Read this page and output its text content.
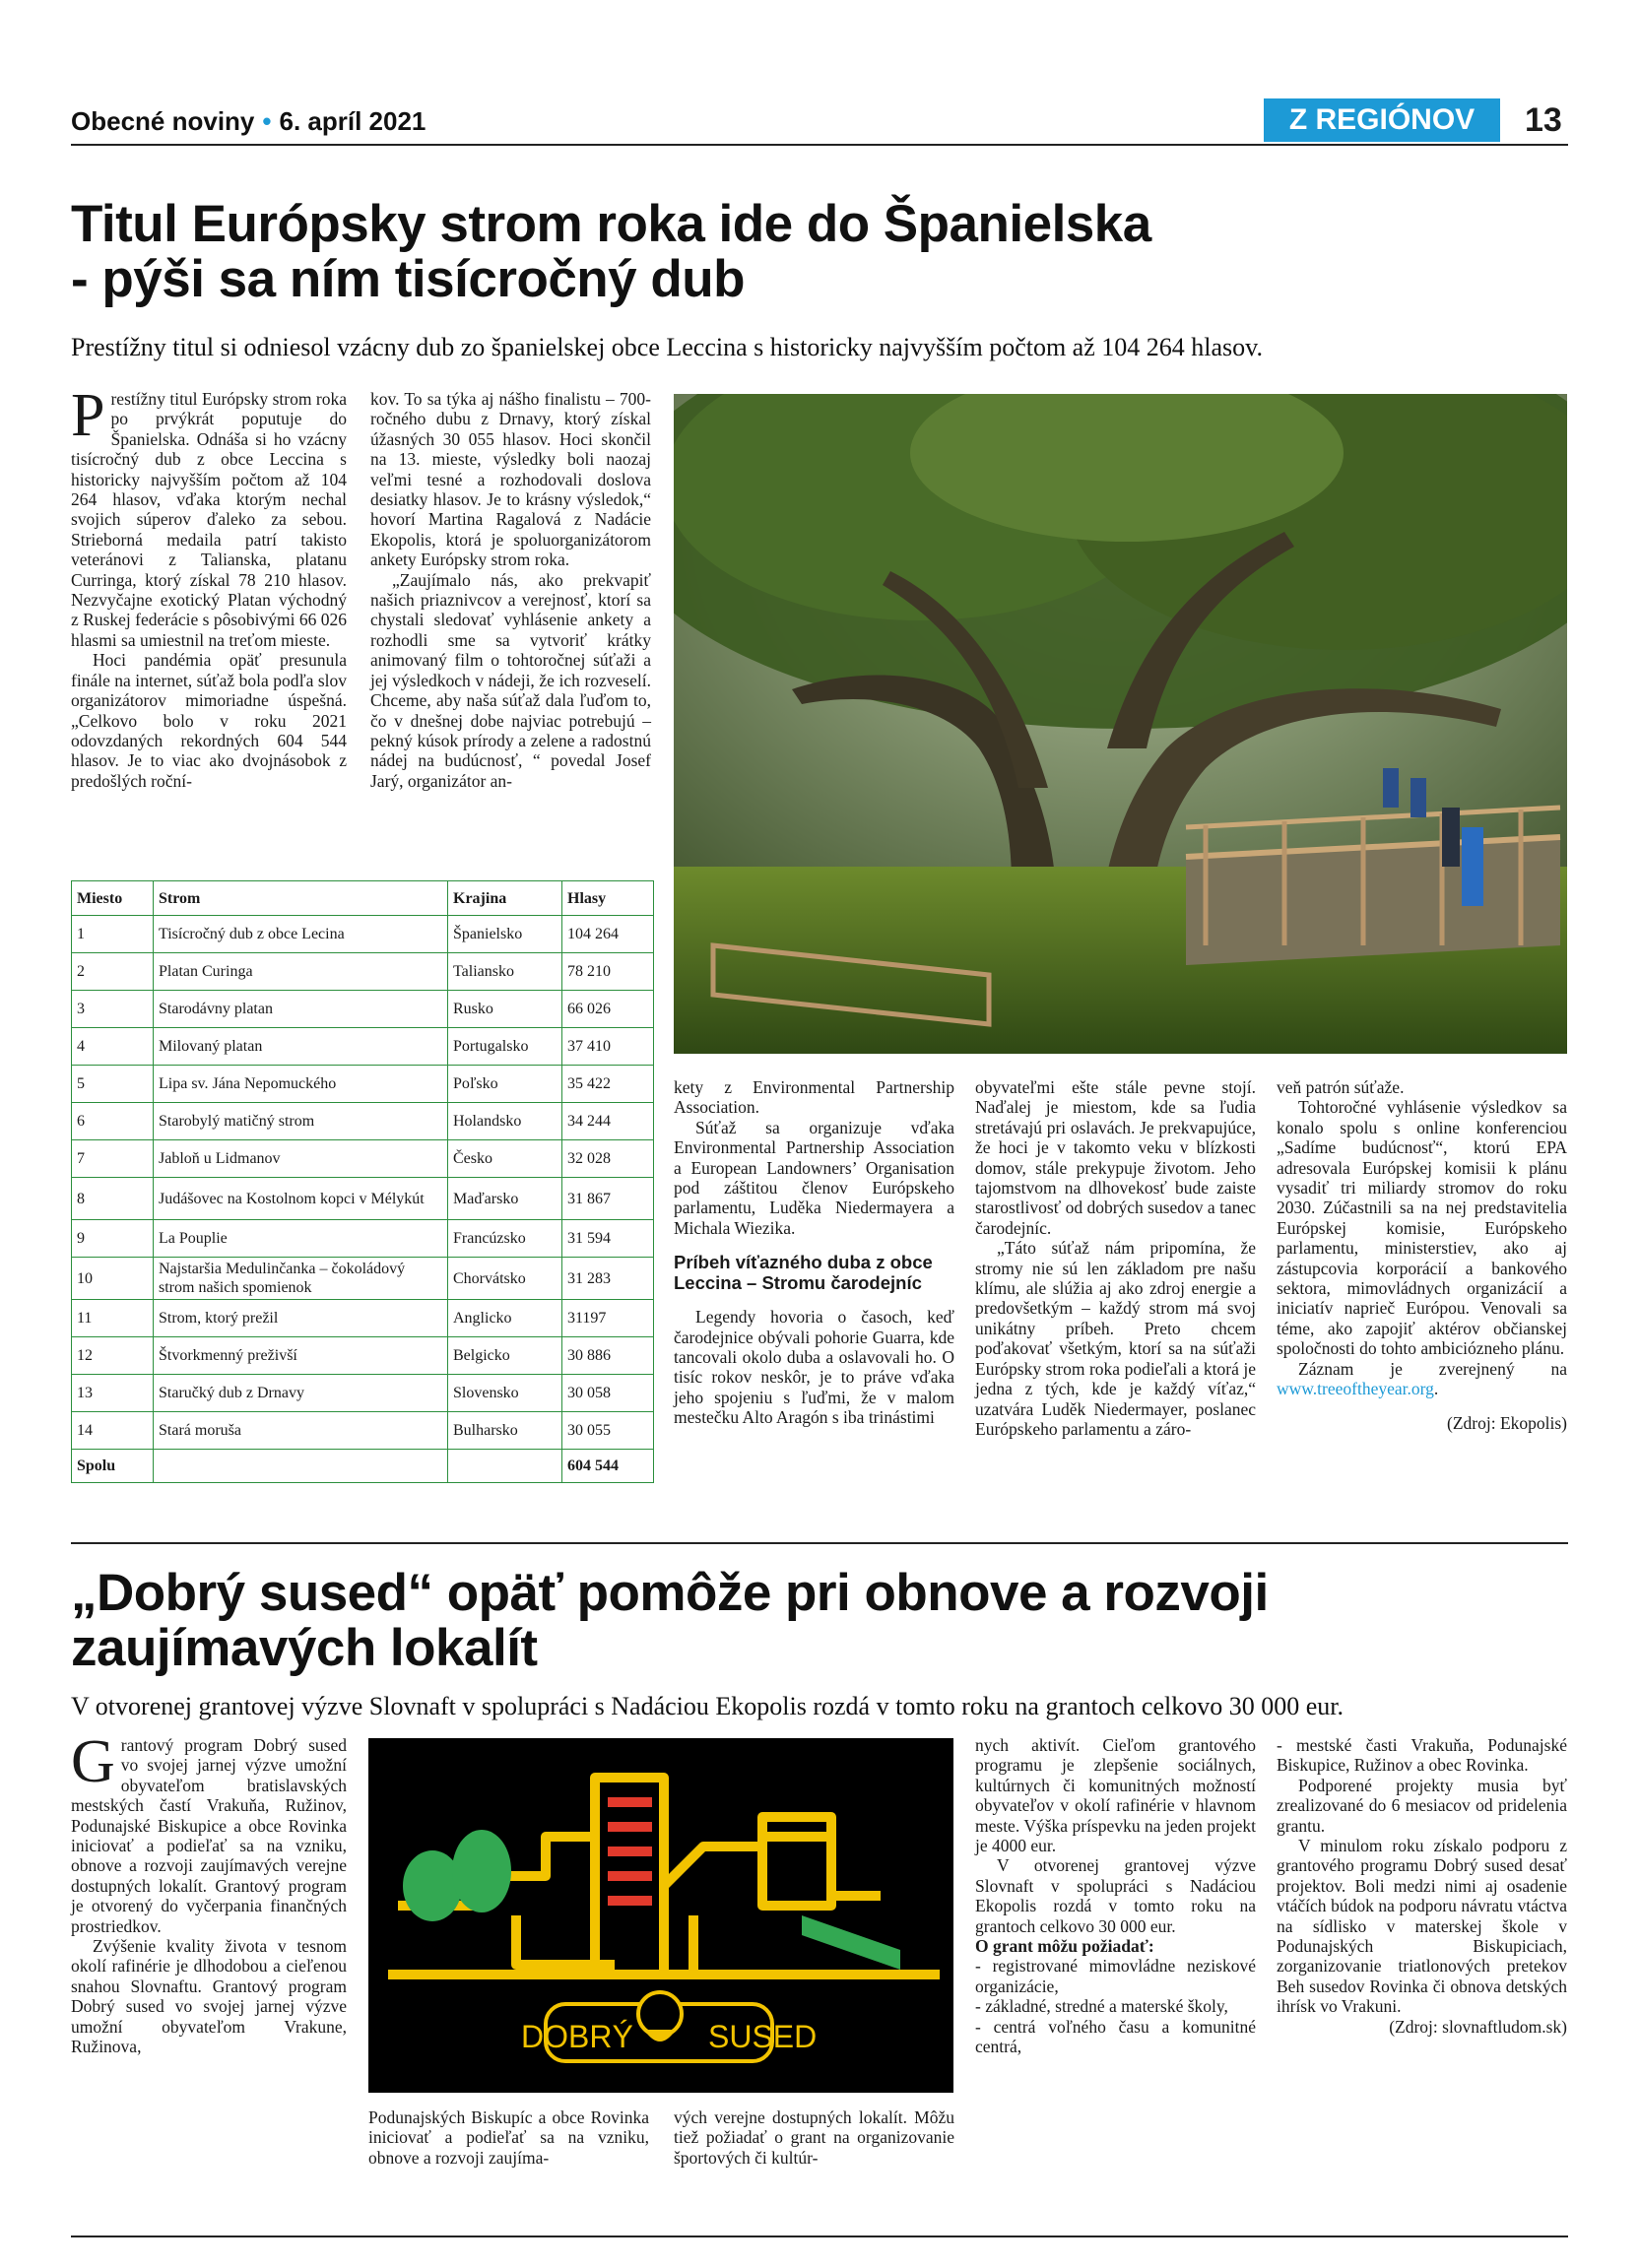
Obecné noviny • 6. apríl 2021	Z REGIÓNOV	13
Titul Európsky strom roka ide do Španielska
- pýši sa ním tisícročný dub
Prestížny titul si odniesol vzácny dub zo španielskej obce Leccina s historicky najvyšším počtom až 104 264 hlasov.

Prestížny titul Európsky strom roka po prvýkrát poputuje do Španielska. Odnáša si ho vzácny tisícročný dub z obce Leccina s historicky najvyšším počtom až 104 264 hlasov, vďaka ktorým nechal svojich súperov ďaleko za sebou. Strieborná medaila patrí takisto veteránovi z Talianska, platanu Curringa, ktorý získal 78 210 hlasov. Nezvyčajne exotický Platan východný z Ruskej federácie s pôsobivými 66 026 hlasmi sa umiestnil na treťom mieste.

Hoci pandémia opäť presunula finále na internet, súťaž bola podľa slov organizátorov mimoriadne úspešná. „Celkovo bolo v roku 2021 odovzdaných rekordných 604 544 hlasov. Je to viac ako dvojnásobok z predošlých roční-

kov. To sa týka aj nášho finalistu – 700-ročného dubu z Drnavy, ktorý získal úžasných 30 055 hlasov. Hoci skončil na 13. mieste, výsledky boli naozaj veľmi tesné a rozhodovali doslova desiatky hlasov. Je to krásny výsledok,“ hovorí Martina Ragalová z Nadácie Ekopolis, ktorá je spoluorganizátorom ankety Európsky strom roka.

„Zaujímalo nás, ako prekvapiť našich priaznivcov a verejnosť, ktorí sa chystali sledovať vyhlásenie ankety a rozhodli sme sa vytvoriť krátky animovaný film o tohtoročnej súťaži a jej výsledkoch v nádeji, že ich rozveselí. Chceme, aby naša súťaž dala ľuďom to, čo v dnešnej dobe najviac potrebujú – pekný kúsok prírody a zelene a radostnú nádej na budúcnosť, “ povedal Josef Jarý, organizátor an-

Miesto	Strom	Krajina	Hlasy
1	Tisícročný dub z obce Lecina	Španielsko	104 264
2	Platan Curinga	Taliansko	78 210
3	Starodávny platan	Rusko	66 026
4	Milovaný platan	Portugalsko	37 410
5	Lipa sv. Jána Nepomuckého	Poľsko	35 422
6	Starobylý matičný strom	Holandsko	34 244
7	Jabloň u Lidmanov	Česko	32 028
8	Judášovec na Kostolnom kopci v Mélykút	Maďarsko	31 867
9	La Pouplie	Francúzsko	31 594
10	Najstaršia Medulinčanka – čokoládový strom našich spomienok	Chorvátsko	31 283
11	Strom, ktorý prežil	Anglicko	31197
12	Štvorkmenný preživší	Belgicko	30 886
13	Staručký dub z Drnavy	Slovensko	30 058
14	Stará moruša	Bulharsko	30 055
Spolu			604 544

kety z Environmental Partnership Association.

Súťaž sa organizuje vďaka Environmental Partnership Association a European Landowners’ Organisation pod záštitou členov Európskeho parlamentu, Luděka Niedermayera a Michala Wiezika.

Príbeh víťazného duba z obce Leccina – Stromu čarodejníc

Legendy hovoria o časoch, keď čarodejnice obývali pohorie Guarra, kde tancovali okolo duba a oslavovali ho. O tisíc rokov neskôr, je to práve vďaka jeho spojeniu s ľuďmi, že v malom mestečku Alto Aragón s iba trinástimi

obyvateľmi ešte stále pevne stojí. Naďalej je miestom, kde sa ľudia stretávajú pri oslavách. Je prekvapujúce, že hoci je v takomto veku v blízkosti domov, stále prekypuje životom. Jeho tajomstvom na dlhovekosť bude zaiste starostlivosť od dobrých susedov a tanec čarodejníc.

„Táto súťaž nám pripomína, že stromy nie sú len základom pre našu klímu, ale slúžia aj ako zdroj energie a predovšetkým – každý strom má svoj unikátny príbeh. Preto chcem poďakovať všetkým, ktorí sa na súťaži Európsky strom roka podieľali a ktorá je jedna z tých, kde je každý víťaz,“ uzatvára Luděk Niedermayer, poslanec Európskeho parlamentu a záro-

veň patrón súťaže.

Tohtoročné vyhlásenie výsledkov sa konalo spolu s online konferenciou „Sadíme budúcnosť“, ktorú EPA adresovala Európskej komisii k plánu vysadiť tri miliardy stromov do roku 2030. Zúčastnili sa na nej predstavitelia Európskej komisie, Európskeho parlamentu, ministerstiev, ako aj zástupcovia korporácií a bankového sektora, mimovládnych organizácií a iniciatív naprieč Európou. Venovali sa téme, ako zapojiť aktérov občianskej spoločnosti do tohto ambiciózneho plánu.

Záznam je zverejnený na www.treeoftheyear.org.

(Zdroj: Ekopolis)
„Dobrý sused“ opäť pomôže pri obnove a rozvoji
zaujímavých lokalít
V otvorenej grantovej výzve Slovnaft v spolupráci s Nadáciou Ekopolis rozdá v tomto roku na grantoch celkovo 30 000 eur.

Grantový program Dobrý sused vo svojej jarnej výzve umožní obyvateľom bratislavských mestských častí Vrakuňa, Ružinov, Podunajské Biskupice a obce Rovinka iniciovať a podieľať sa na vzniku, obnove a rozvoji zaujímavých verejne dostupných lokalít. Grantový program je otvorený do vyčerpania finančných prostriedkov.

Zvýšenie kvality života v tesnom okolí rafinérie je dlhodobou a cieľenou snahou Slovnaftu. Grantový program Dobrý sused vo svojej jarnej výzve umožní obyvateľom Vrakune, Ružinova,	DOBRÝ SUSED

Podunajských Biskupíc a obce Rovinka iniciovať a podieľať sa na vzniku, obnove a rozvoji zaujíma-

vých verejne dostupných lokalít. Môžu tiež požiadať o grant na organizovanie športových či kultúr-

nych aktivít. Cieľom grantového programu je zlepšenie sociálnych, kultúrnych či komunitných možností obyvateľov v okolí rafinérie v hlavnom meste. Výška príspevku na jeden projekt je 4000 eur.

V otvorenej grantovej výzve Slovnaft v spolupráci s Nadáciou Ekopolis rozdá v tomto roku na grantoch celkovo 30 000 eur.

O grant môžu požiadať:

- registrované mimovládne neziskové organizácie,

- základné, stredné a materské školy,

- centrá voľného času a komunitné centrá,

- mestské časti Vrakuňa, Podunajské Biskupice, Ružinov a obec Rovinka.

Podporené projekty musia byť zrealizované do 6 mesiacov od pridelenia grantu.

V minulom roku získalo podporu z grantového programu Dobrý sused desať projektov. Boli medzi nimi aj osadenie vtáčích búdok na podporu návratu vtáctva na sídlisko v materskej škole v Podunajských Biskupiciach, zorganizovanie triatlonových pretekov Beh susedov Rovinka či obnova detských ihrísk vo Vrakuni.

(Zdroj: slovnaftludom.sk)
